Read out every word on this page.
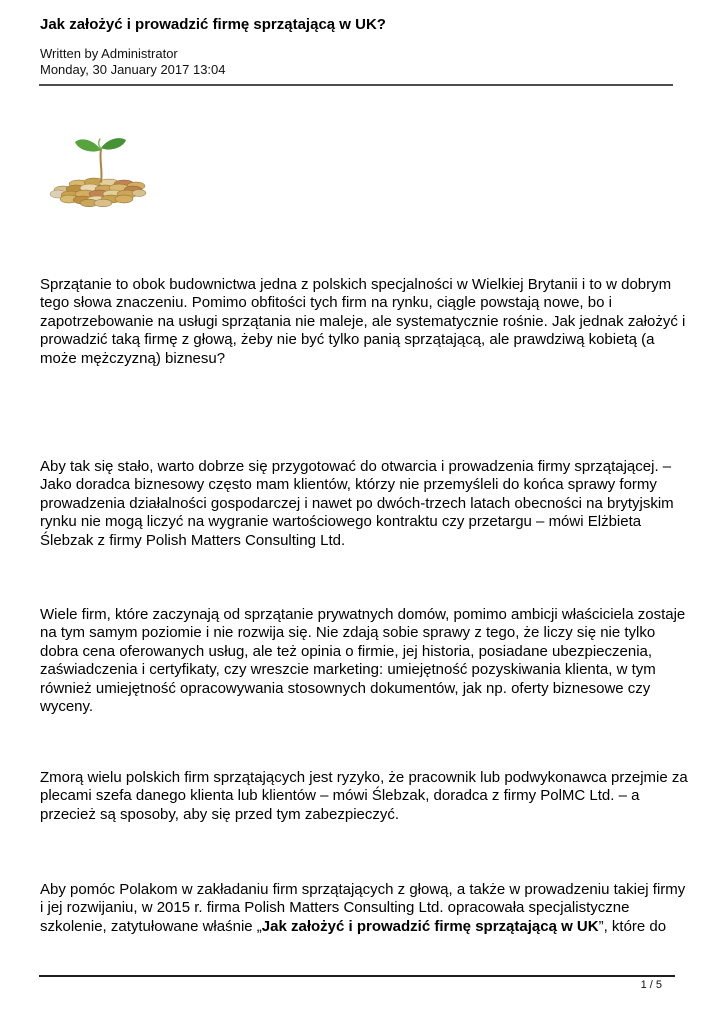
Jak założyć i prowadzić firmę sprzątającą w UK?
Written by Administrator
Monday, 30 January 2017 13:04

Sprzątanie to obok budownictwa jedna z polskich specjalności w Wielkiej Brytanii i to w dobrym tego słowa znaczeniu. Pomimo obfitości tych firm na rynku, ciągle powstają nowe, bo i zapotrzebowanie na usługi sprzątania nie maleje, ale systematycznie rośnie. Jak jednak założyć i prowadzić taką firmę z głową, żeby nie być tylko panią sprzątającą, ale prawdziwą kobietą (a może mężczyzną) biznesu?

Aby tak się stało, warto dobrze się przygotować do otwarcia i prowadzenia firmy sprzątającej. – Jako doradca biznesowy często mam klientów, którzy nie przemyśleli do końca sprawy formy prowadzenia działalności gospodarczej i nawet po dwóch-trzech latach obecności na brytyjskim rynku nie mogą liczyć na wygranie wartościowego kontraktu czy przetargu – mówi Elżbieta Ślebzak z firmy Polish Matters Consulting Ltd.

Wiele firm, które zaczynają od sprzątanie prywatnych domów, pomimo ambicji właściciela zostaje na tym samym poziomie i nie rozwija się. Nie zdają sobie sprawy z tego, że liczy się nie tylko dobra cena oferowanych usług, ale też opinia o firmie, jej historia, posiadane ubezpieczenia, zaświadczenia i certyfikaty, czy wreszcie marketing: umiejętność pozyskiwania klienta, w tym również umiejętność opracowywania stosownych dokumentów, jak np. oferty biznesowe czy wyceny.

Zmorą wielu polskich firm sprzątających jest ryzyko, że pracownik lub podwykonawca przejmie za plecami szefa danego klienta lub klientów – mówi Ślebzak, doradca z firmy PolMC Ltd. – a przecież są sposoby, aby się przed tym zabezpieczyć.

Aby pomóc Polakom w zakładaniu firm sprzątających z głową, a także w prowadzeniu takiej firmy i jej rozwijaniu, w 2015 r. firma Polish Matters Consulting Ltd. opracowała specjalistyczne szkolenie, zatytułowane właśnie „Jak założyć i prowadzić firmę sprzątającą w UK”, które do

1 / 5
